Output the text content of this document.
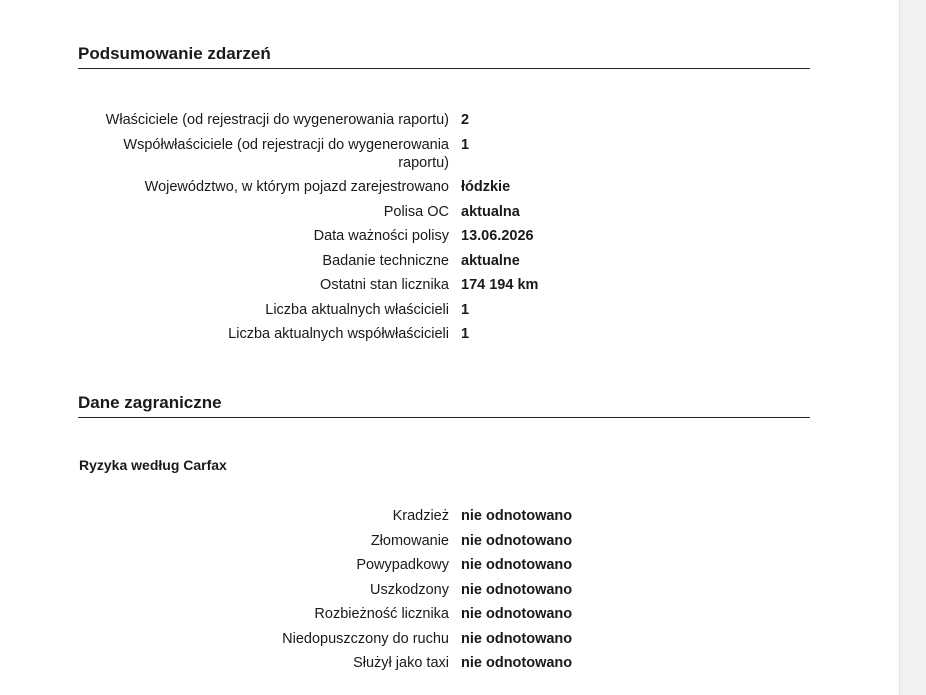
Podsumowanie zdarzeń
Właściciele (od rejestracji do wygenerowania raportu) 2
Współwłaściciele (od rejestracji do wygenerowania raportu)
1
Województwo, w którym pojazd zarejestrowano łódzkie
Polisa OC aktualna
Data ważności polisy 13.06.2026
Badanie techniczne aktualne
Ostatni stan licznika 174 194 km
Liczba aktualnych właścicieli 1
Liczba aktualnych współwłaścicieli 1
Dane zagraniczne
Ryzyka według Carfax
Kradzież nie odnotowano
Złomowanie nie odnotowano
Powypadkowy nie odnotowano
Uszkodzony nie odnotowano
Rozbieżność licznika nie odnotowano
Niedopuszczony do ruchu nie odnotowano
Służył jako taxi nie odnotowano
